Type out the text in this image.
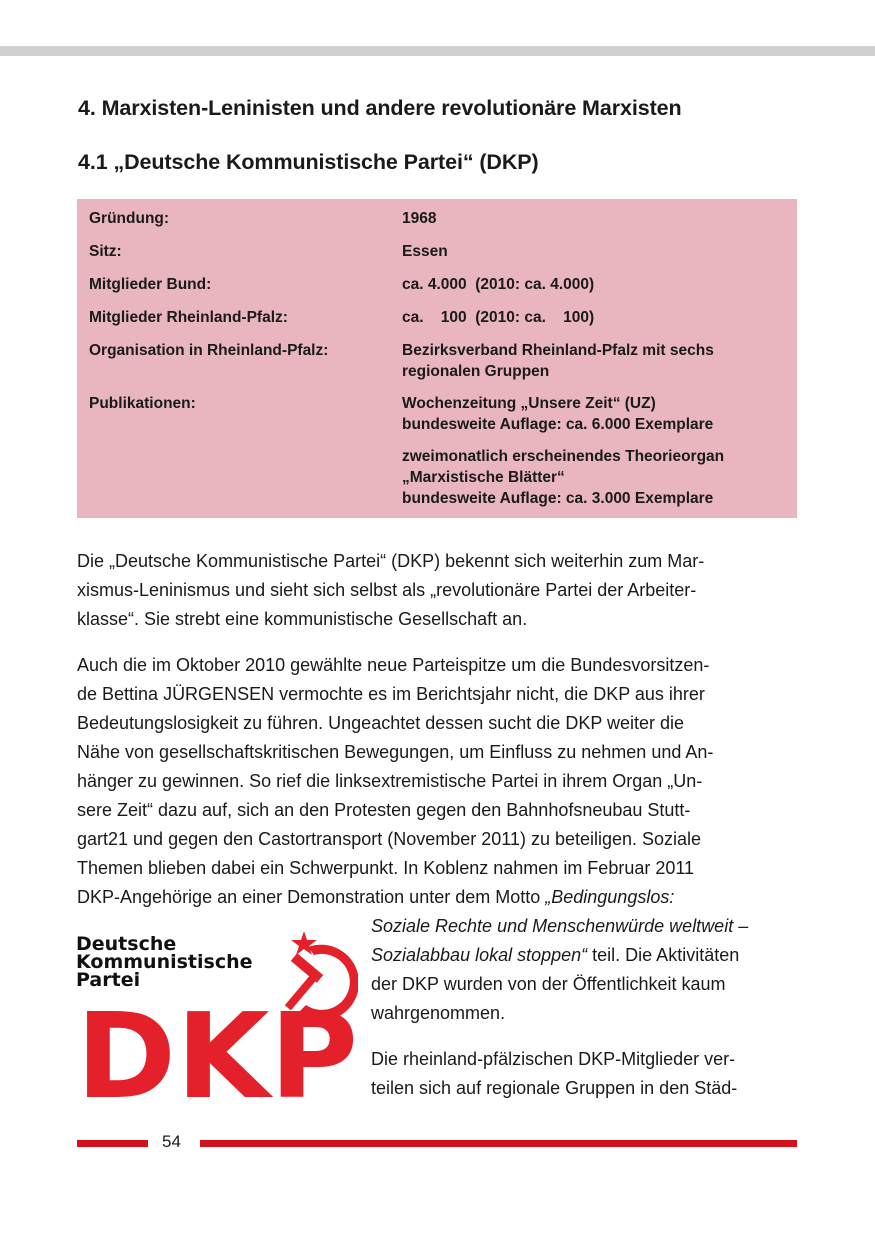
4. Marxisten-Leninisten und andere revolutionäre Marxisten
4.1 „Deutsche Kommunistische Partei“ (DKP)
Gründung:	1968
Sitz:	Essen
Mitglieder Bund:	ca. 4.000  (2010: ca. 4.000)
Mitglieder Rheinland-Pfalz:	ca.    100  (2010: ca.    100)
Organisation in Rheinland-Pfalz:	Bezirksverband Rheinland-Pfalz mit sechs
regionalen Gruppen
Publikationen:	Wochenzeitung „Unsere Zeit“ (UZ)
bundesweite Auflage: ca. 6.000 Exemplare
zweimonatlich erscheinendes Theorieorgan
„Marxistische Blätter“
bundesweite Auflage: ca. 3.000 Exemplare
Die „Deutsche Kommunistische Partei“ (DKP) bekennt sich weiterhin zum Mar-
xismus-Leninismus und sieht sich selbst als „revolutionäre Partei der Arbeiter-
klasse“. Sie strebt eine kommunistische Gesellschaft an.
Auch die im Oktober 2010 gewählte neue Parteispitze um die Bundesvorsitzen-
de Bettina JÜRGENSEN vermochte es im Berichtsjahr nicht, die DKP aus ihrer
Bedeutungslosigkeit zu führen. Ungeachtet dessen sucht die DKP weiter die
Nähe von gesellschaftskritischen Bewegungen, um Einfluss zu nehmen und An-
hänger zu gewinnen. So rief die linksextremistische Partei in ihrem Organ „Un-
sere Zeit“ dazu auf, sich an den Protesten gegen den Bahnhofsneubau Stutt-
gart21 und gegen den Castortransport (November 2011) zu beteiligen. Soziale
Themen blieben dabei ein Schwerpunkt. In Koblenz nahmen im Februar 2011
DKP-Angehörige an einer Demonstration unter dem Motto „Bedingungslos:
Soziale Rechte und Menschenwürde weltweit –
Sozialabbau lokal stoppen“ teil. Die Aktivitäten
der DKP wurden von der Öffentlichkeit kaum
wahrgenommen.
Die rheinland-pfälzischen DKP-Mitglieder ver-
teilen sich auf regionale Gruppen in den Städ-
Deutsche
Kommunistische
Partei
DKP
54
